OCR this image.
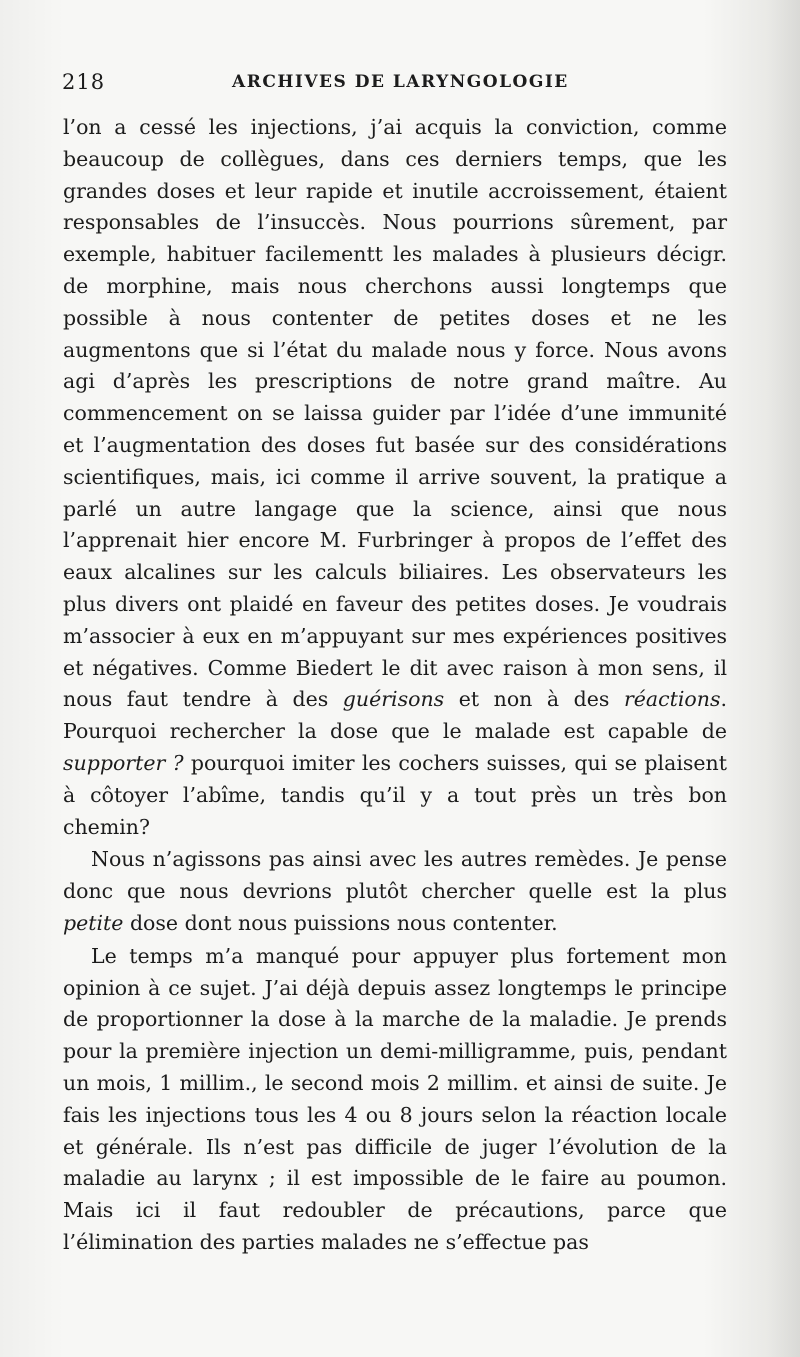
218	ARCHIVES DE LARYNGOLOGIE

l’on a cessé les injections, j’ai acquis la conviction, comme beaucoup de collègues, dans ces derniers temps, que les grandes doses et leur rapide et inutile accroissement, étaient responsables de l’insuccès. Nous pourrions sûrement, par exemple, habituer facilementt les malades à plusieurs décigr. de morphine, mais nous cherchons aussi longtemps que possible à nous contenter de petites doses et ne les augmentons que si l’état du malade nous y force. Nous avons agi d’après les prescriptions de notre grand maître. Au commencement on se laissa guider par l’idée d’une immunité et l’augmentation des doses fut basée sur des considérations scientifiques, mais, ici comme il arrive souvent, la pratique a parlé un autre langage que la science, ainsi que nous l’apprenait hier encore M. Furbringer à propos de l’effet des eaux alcalines sur les calculs biliaires. Les observateurs les plus divers ont plaidé en faveur des petites doses. Je voudrais m’associer à eux en m’appuyant sur mes expériences positives et négatives. Comme Biedert le dit avec raison à mon sens, il nous faut tendre à des guérisons et non à des réactions. Pourquoi rechercher la dose que le malade est capable de supporter ? pourquoi imiter les cochers suisses, qui se plaisent à côtoyer l’abîme, tandis qu’il y a tout près un très bon chemin?

Nous n’agissons pas ainsi avec les autres remèdes. Je pense donc que nous devrions plutôt chercher quelle est la plus petite dose dont nous puissions nous contenter.

Le temps m’a manqué pour appuyer plus fortement mon opinion à ce sujet. J’ai déjà depuis assez longtemps le principe de proportionner la dose à la marche de la maladie. Je prends pour la première injection un demi-milligramme, puis, pendant un mois, 1 millim., le second mois 2 millim. et ainsi de suite. Je fais les injections tous les 4 ou 8 jours selon la réaction locale et générale. Ils n’est pas difficile de juger l’évolution de la maladie au larynx ; il est impossible de le faire au poumon. Mais ici il faut redoubler de précautions, parce que l’élimination des parties malades ne s’effectue pas
